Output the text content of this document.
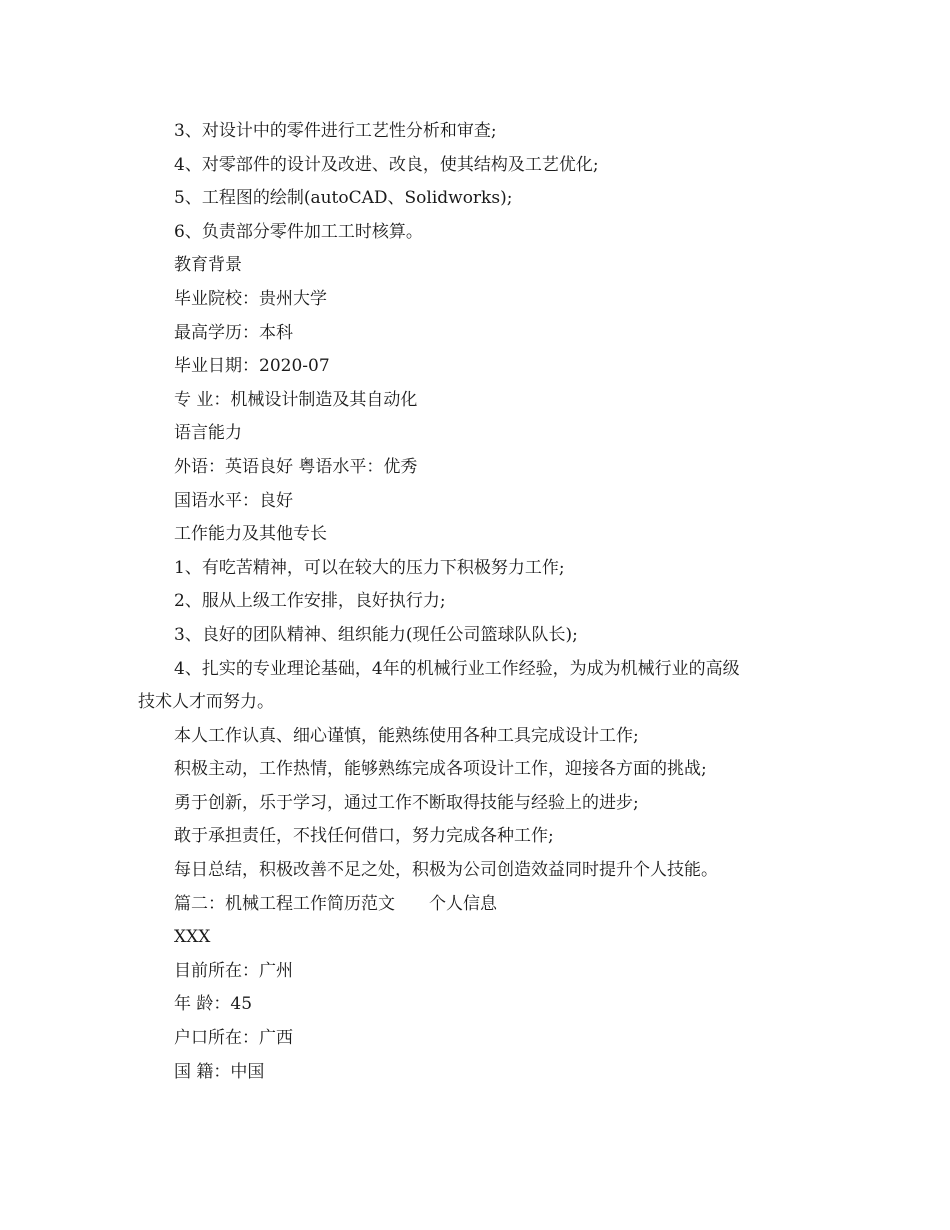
3、对设计中的零件进行工艺性分析和审查;
4、对零部件的设计及改进、改良，使其结构及工艺优化;
5、工程图的绘制(autoCAD、Solidworks);
6、负责部分零件加工工时核算。
教育背景
毕业院校：贵州大学
最高学历：本科
毕业日期：2020-07
专 业：机械设计制造及其自动化
语言能力
外语：英语良好 粤语水平：优秀
国语水平：良好
工作能力及其他专长
1、有吃苦精神，可以在较大的压力下积极努力工作;
2、服从上级工作安排，良好执行力;
3、良好的团队精神、组织能力(现任公司篮球队队长);
4、扎实的专业理论基础，4年的机械行业工作经验，为成为机械行业的高级
技术人才而努力。
本人工作认真、细心谨慎，能熟练使用各种工具完成设计工作;
积极主动，工作热情，能够熟练完成各项设计工作，迎接各方面的挑战;
勇于创新，乐于学习，通过工作不断取得技能与经验上的进步;
敢于承担责任，不找任何借口，努力完成各种工作;
每日总结，积极改善不足之处，积极为公司创造效益同时提升个人技能。
篇二：机械工程工作简历范文　　个人信息
XXX
目前所在：广州
年 龄：45
户口所在：广西
国 籍：中国
